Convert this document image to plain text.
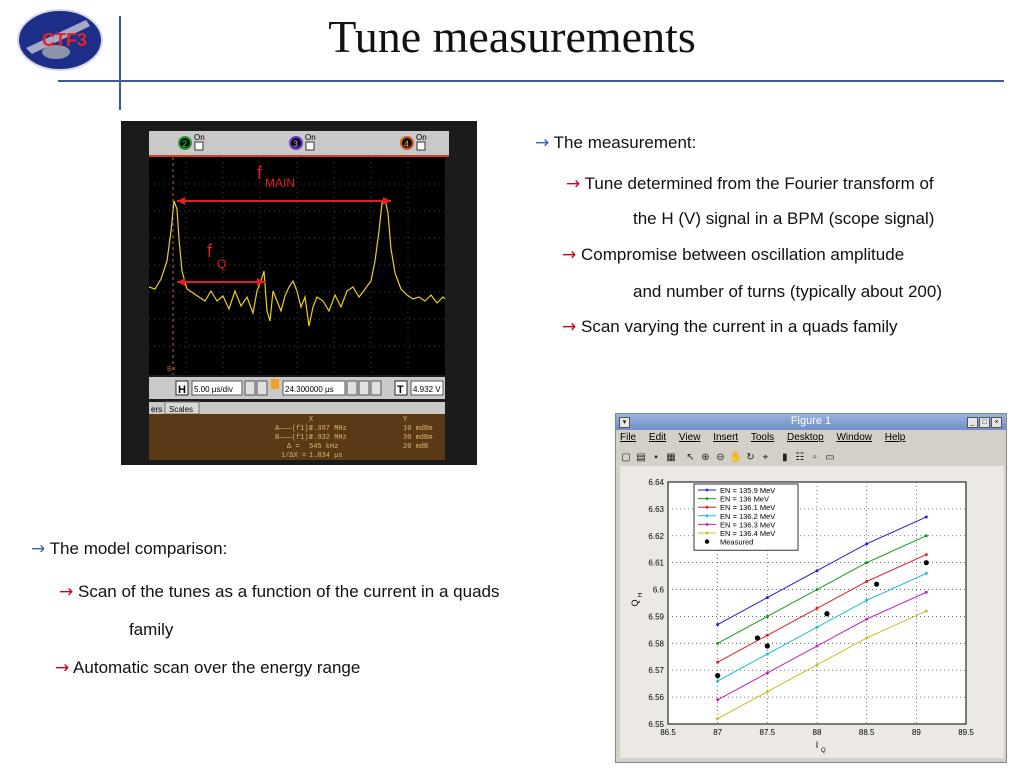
CTF3	Tune measurements
→ The measurement:
→ Tune determined from the Fourier transform of
the H (V) signal in a BPM (scope signal)
→ Compromise between oscillation amplitude
and number of turns (typically about 200)
→ Scan varying the current in a quads family
→ The model comparison:
→ Scan of the tunes as a function of the current in a quads
family
→ Automatic scan over the energy range
2
On
3
On
4
On
B×
f MAIN
f
Q
H 5.00 µs/div	24.300000 µs	T 4.932 V
ers Scales
X	Y
A———(f1)=
2.387 MHz	10 mdBm
B———(f1)=
2.932 MHz	30 mdBm
Δ = 545 kHz	20 mdB
1/ΔX = 1.834 µs
▾	Figure 1	_	□	×
File Edit View Insert Tools Desktop Window Help
▢ ▤ ▪ ▦ ↖ ⊕ ⊖ ✋ ↻ ⌖ ▮ ☷ ▫ ▭
86.5	87	87.5	88	88.5	89	89.5
6.55
6.56
6.57
6.58
6.59
6.6
6.61
6.62
6.63
6.64
I
Q
Q
H
EN = 135.9 MeV
EN = 136 MeV
EN = 136.1 MeV
EN = 136.2 MeV
EN = 136.3 MeV
EN = 136.4 MeV
Measured
